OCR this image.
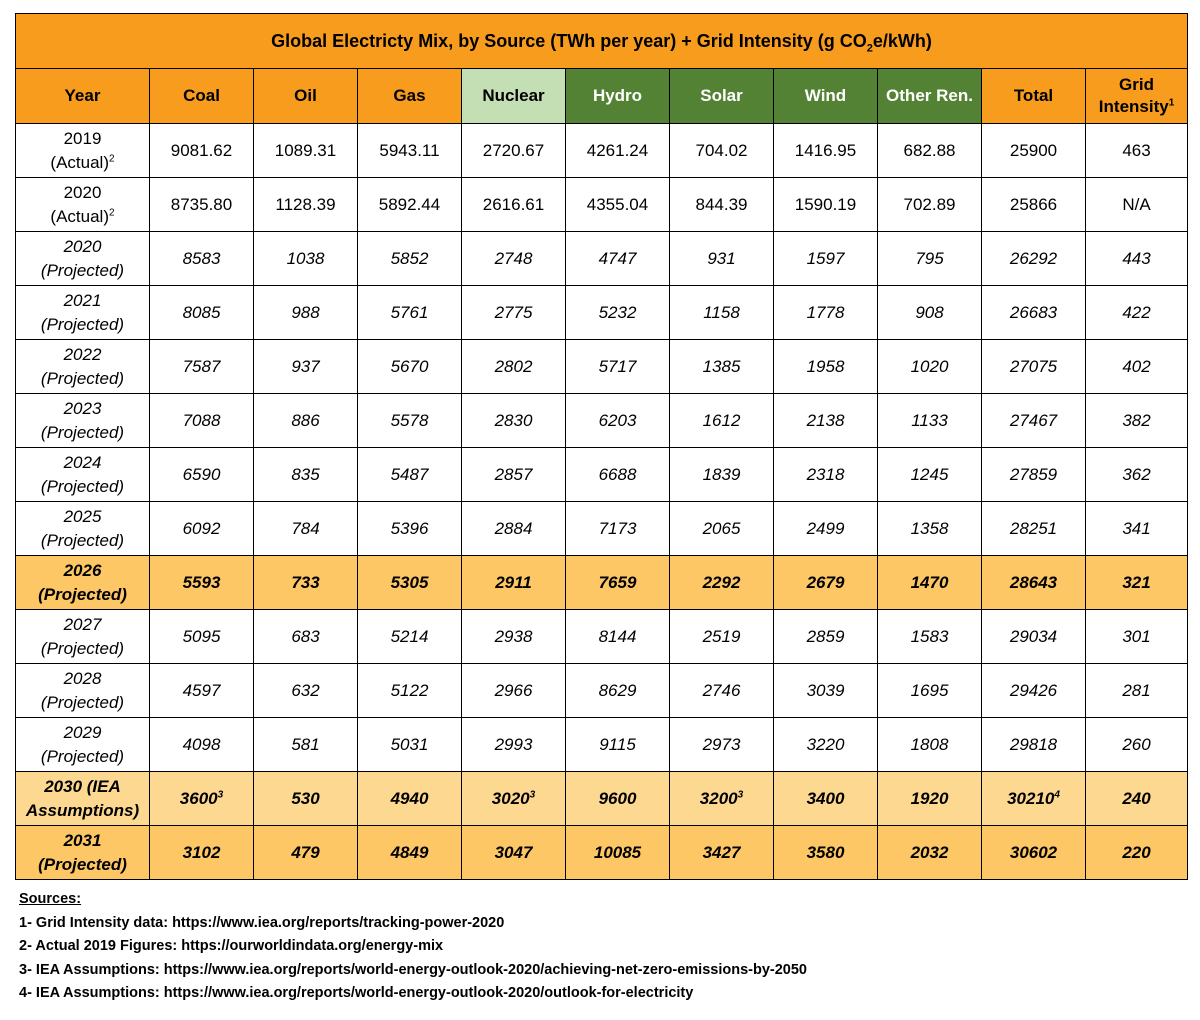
Global Electricty Mix, by Source (TWh per year) + Grid Intensity (g $CO_2e/kWh$)										
Year	Coal	Oil	Gas	Nuclear	Hydro	Solar	Wind	Other Ren.	Total	Grid Intensity$^1$

2019
(Actual)$^2$	9081.62	1089.31	5943.11	2720.67	4261.24	704.02	1416.95	682.88	25900	463

2020
(Actual)$^2$	8735.80	1128.39	5892.44	2616.61	4355.04	844.39	1590.19	702.89	25866	N/A

2020
(Projected)	8583	1038	5852	2748	4747	931	1597	795	26292	443

2021
(Projected)	8085	988	5761	2775	5232	1158	1778	908	26683	422

2022
(Projected)	7587	937	5670	2802	5717	1385	1958	1020	27075	402

2023
(Projected)	7088	886	5578	2830	6203	1612	2138	1133	27467	382

2024
(Projected)	6590	835	5487	2857	6688	1839	2318	1245	27859	362

2025
(Projected)	6092	784	5396	2884	7173	2065	2499	1358	28251	341

2026
(Projected)	5593	733	5305	2911	7659	2292	2679	1470	28643	321

2027
(Projected)	5095	683	5214	2938	8144	2519	2859	1583	29034	301

2028
(Projected)	4597	632	5122	2966	8629	2746	3039	1695	29426	281

2029
(Projected)	4098	581	5031	2993	9115	2973	3220	1808	29818	260

2030 (IEA
Assumptions)	3600$^3$	530	4940	3020$^3$	9600	3200$^3$	3400	1920	30210$^4$	240

2031
(Projected)	3102	479	4849	3047	10085	3427	3580	2032	30602	220
Sources:
1- Grid Intensity data: https://www.iea.org/reports/tracking-power-2020
2- Actual 2019 Figures: https://ourworldindata.org/energy-mix
3- IEA Assumptions: https://www.iea.org/reports/world-energy-outlook-2020/achieving-net-zero-emissions-by-2050
4- IEA Assumptions: https://www.iea.org/reports/world-energy-outlook-2020/outlook-for-electricity
